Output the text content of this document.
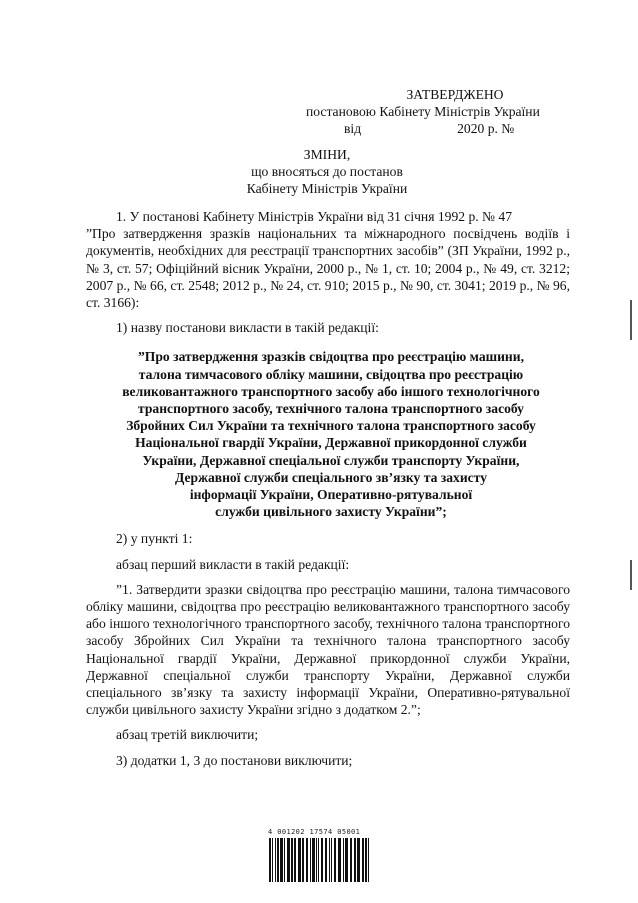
ЗАТВЕРДЖЕНО
постановою Кабінету Міністрів України
від	2020 р. №
ЗМІНИ,
що вносяться до постанов
Кабінету Міністрів України

1. У постанові Кабінету Міністрів України від 31 січня 1992 р. № 47

”Про затвердження зразків національних та міжнародного посвідчень водіїв і документів, необхідних для реєстрації транспортних засобів” (ЗП України, 1992 р., № 3, ст. 57; Офіційний вісник України, 2000 р., № 1, ст. 10; 2004 р., № 49, ст. 3212; 2007 р., № 66, ст. 2548; 2012 р., № 24, ст. 910; 2015 р., № 90, ст. 3041; 2019 р., № 96, ст. 3166):

1) назву постанови викласти в такій редакції:

”Про затвердження зразків свідоцтва про реєстрацію машини,
талона тимчасового обліку машини, свідоцтва про реєстрацію
великовантажного транспортного засобу або іншого технологічного
транспортного засобу, технічного талона транспортного засобу
Збройних Сил України та технічного талона транспортного засобу
Національної гвардії України, Державної прикордонної служби
України, Державної спеціальної служби транспорту України,
Державної служби спеціального зв’язку та захисту
інформації України, Оперативно-рятувальної
служби цивільного захисту України”;

2) у пункті 1:

абзац перший викласти в такій редакції:

”1. Затвердити зразки свідоцтва про реєстрацію машини, талона тимчасового обліку машини, свідоцтва про реєстрацію великовантажного транспортного засобу або іншого технологічного транспортного засобу, технічного талона транспортного засобу Збройних Сил України та технічного талона транспортного засобу Національної гвардії України, Державної прикордонної служби України, Державної спеціальної служби транспорту України, Державної служби спеціального зв’язку та захисту інформації України, Оперативно-рятувальної служби цивільного захисту України згідно з додатком 2.”;

абзац третій виключити;

3) додатки 1, 3 до постанови виключити;

4 001202 17574 05001
